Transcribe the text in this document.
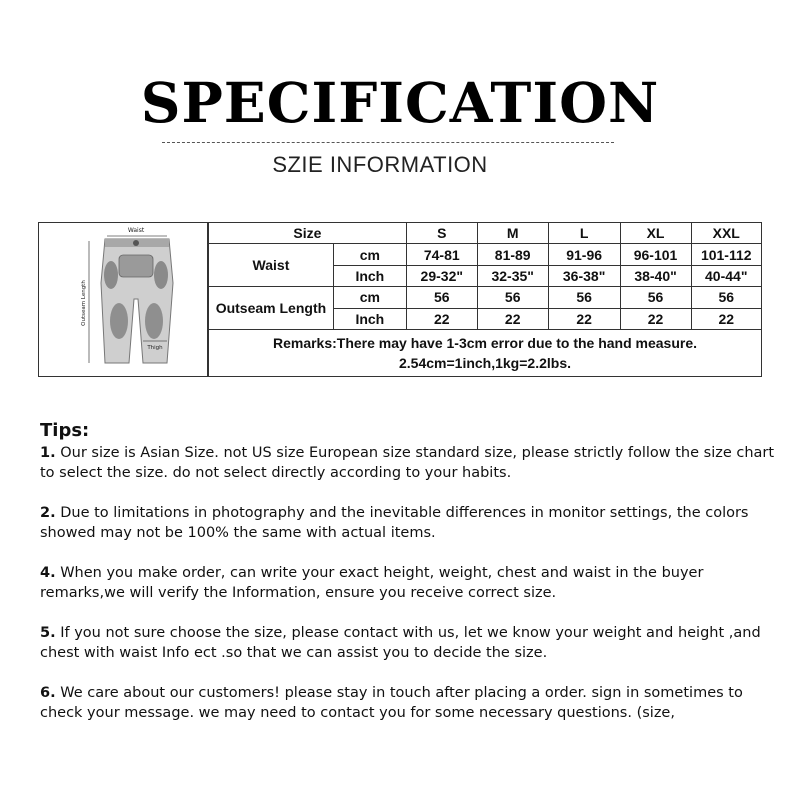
SPECIFICATION
SZIE INFORMATION
Waist
Outseam Length
Thigh
Size		S	M	L	XL	XXL
Waist	cm	74-81	81-89	91-96	96-101	101-112
	Inch	29-32"	32-35"	36-38"	38-40"	40-44"
Outseam Length	cm	56	56	56	56	56
	Inch	22	22	22	22	22

Remarks:There may have 1-3cm error due to the hand measure.
2.54cm=1inch,1kg=2.2lbs.						
Tips:

1. Our size is Asian Size. not US size European size standard size, please strictly follow the size chart to select the size. do not select directly according to your habits.

2. Due to limitations in photography and the inevitable differences in monitor settings, the colors showed may not be 100% the same with actual items.

4. When you make order, can write your exact height, weight, chest and waist in the buyer remarks,we will verify the Information, ensure you receive correct size.

5. If you not sure choose the size, please contact with us, let we know your weight and height ,and chest with waist Info ect .so that we can assist you to decide the size.

6. We care about our customers! please stay in touch after placing a order. sign in sometimes to check your message. we may need to contact you for some necessary questions. (size,
